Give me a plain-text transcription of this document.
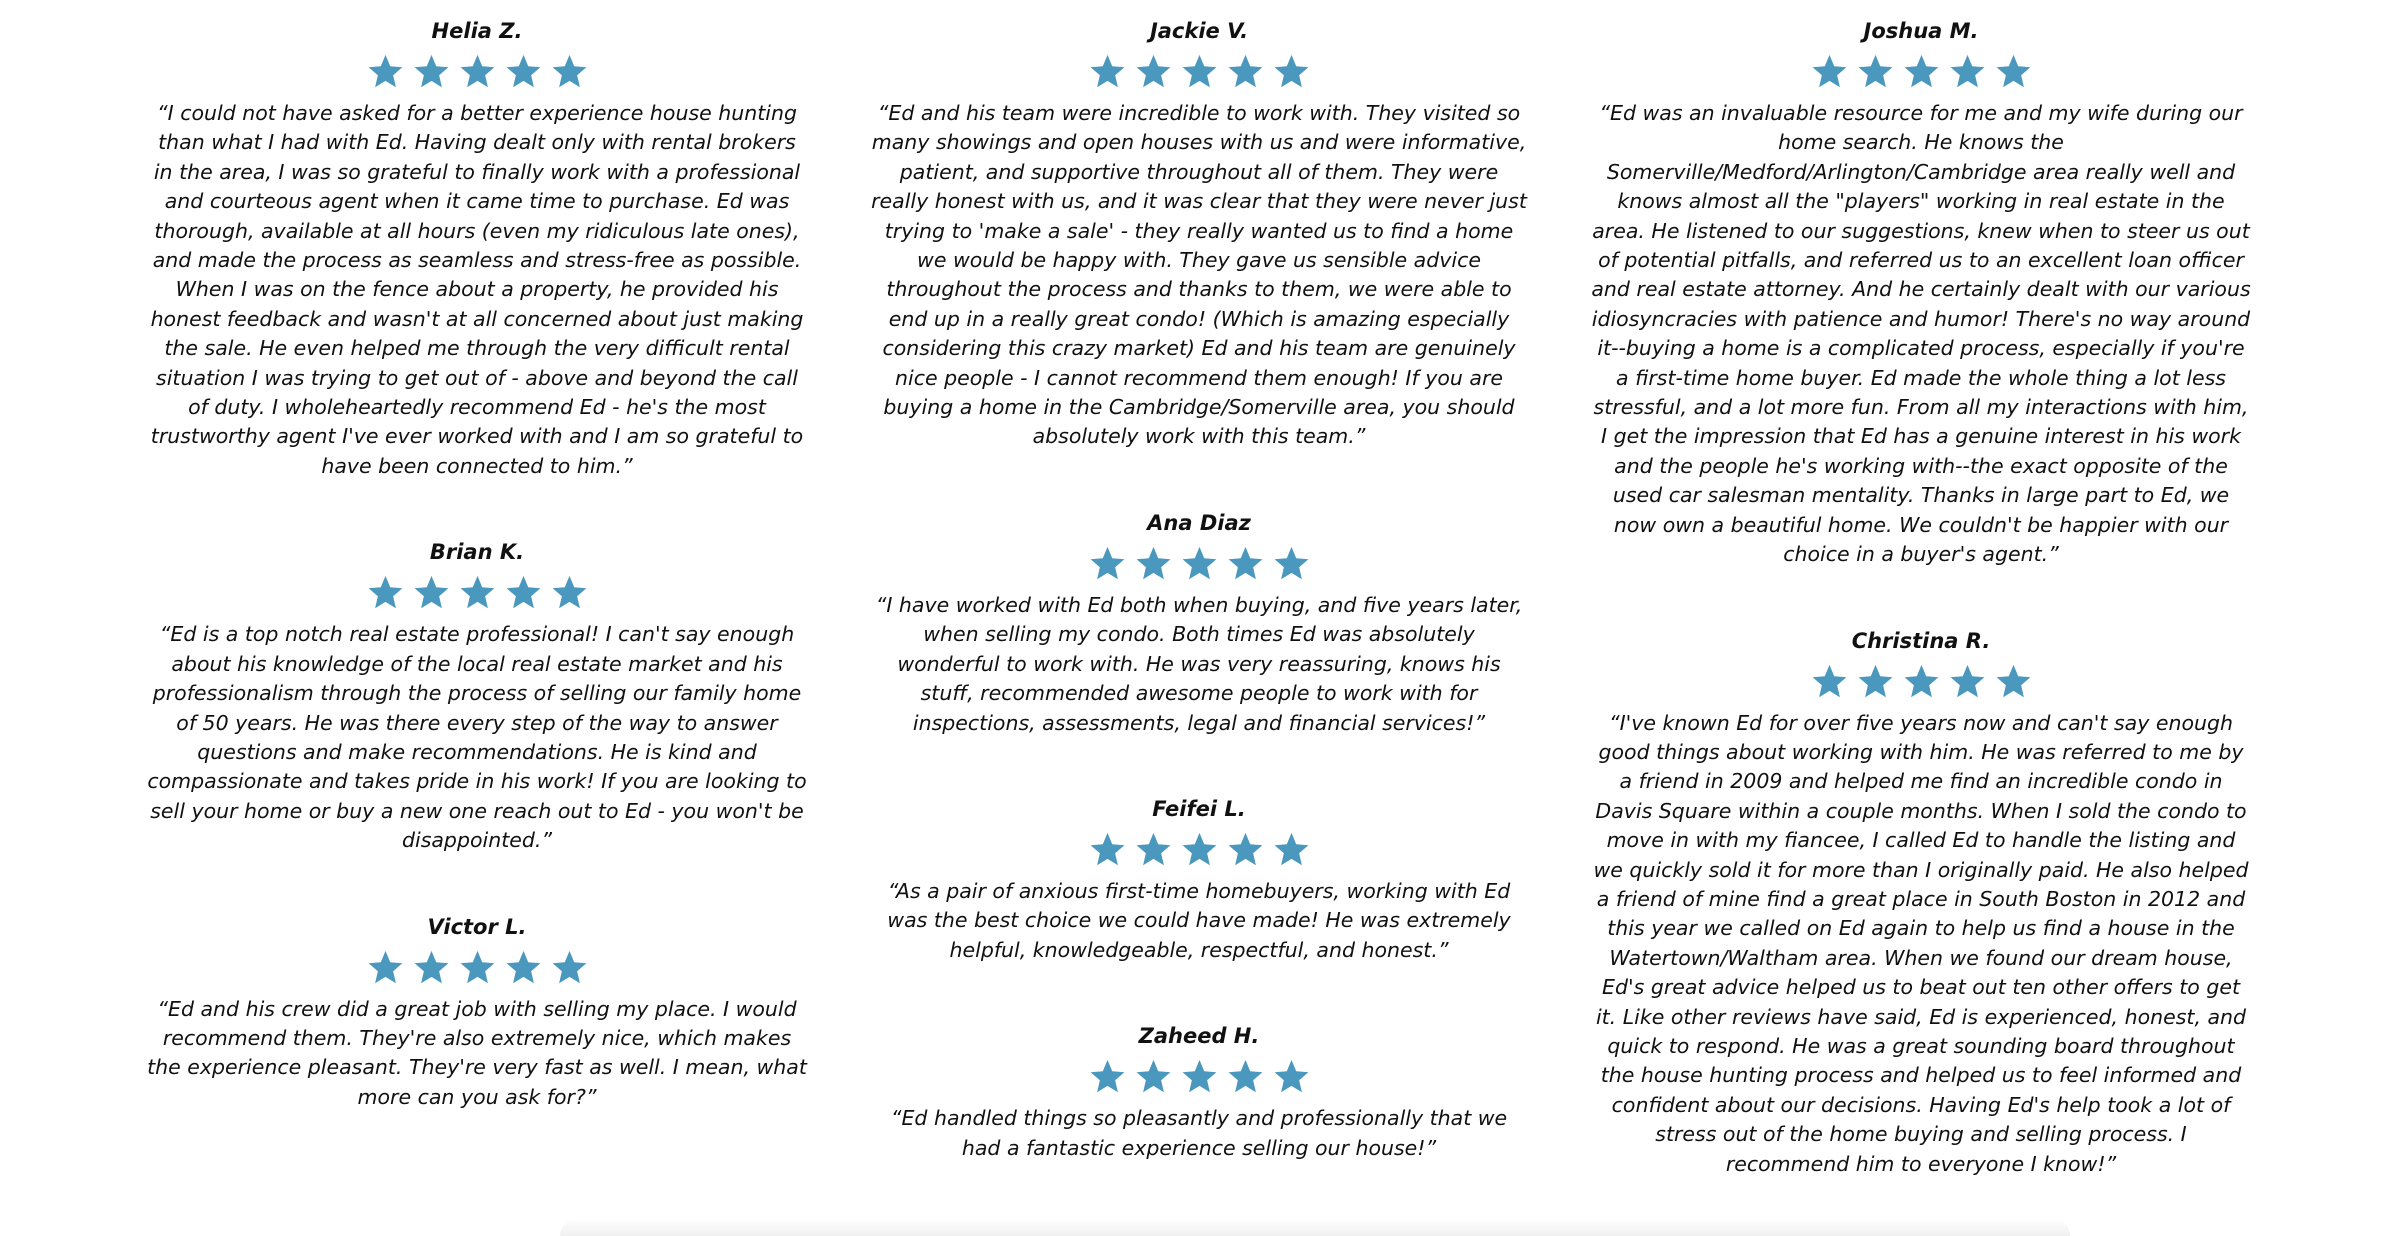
Helia Z.

“I could not have asked for a better experience house hunting than what I had with Ed. Having dealt only with rental brokers in the area, I was so grateful to finally work with a professional and courteous agent when it came time to purchase. Ed was thorough, available at all hours (even my ridiculous late ones), and made the process as seamless and stress-free as possible. When I was on the fence about a property, he provided his honest feedback and wasn't at all concerned about just making the sale. He even helped me through the very difficult rental situation I was trying to get out of - above and beyond the call of duty. I wholeheartedly recommend Ed - he's the most trustworthy agent I've ever worked with and I am so grateful to have been connected to him.”

Brian K.

“Ed is a top notch real estate professional! I can't say enough about his knowledge of the local real estate market and his professionalism through the process of selling our family home of 50 years. He was there every step of the way to answer questions and make recommendations. He is kind and compassionate and takes pride in his work! If you are looking to sell your home or buy a new one reach out to Ed - you won't be disappointed.”

Victor L.

“Ed and his crew did a great job with selling my place. I would recommend them. They're also extremely nice, which makes the experience pleasant. They're very fast as well. I mean, what more can you ask for?”

Jackie V.

“Ed and his team were incredible to work with. They visited so many showings and open houses with us and were informative, patient, and supportive throughout all of them. They were really honest with us, and it was clear that they were never just trying to 'make a sale' - they really wanted us to find a home we would be happy with. They gave us sensible advice throughout the process and thanks to them, we were able to end up in a really great condo! (Which is amazing especially considering this crazy market) Ed and his team are genuinely nice people - I cannot recommend them enough! If you are buying a home in the Cambridge/Somerville area, you should absolutely work with this team.”

Ana Diaz

“I have worked with Ed both when buying, and five years later, when selling my condo. Both times Ed was absolutely wonderful to work with. He was very reassuring, knows his stuff, recommended awesome people to work with for inspections, assessments, legal and financial services!”

Feifei L.

“As a pair of anxious first-time homebuyers, working with Ed was the best choice we could have made! He was extremely helpful, knowledgeable, respectful, and honest.”

Zaheed H.

“Ed handled things so pleasantly and professionally that we had a fantastic experience selling our house!”

Joshua M.

“Ed was an invaluable resource for me and my wife during our home search. He knows the Somerville/Medford/Arlington/Cambridge area really well and knows almost all the "players" working in real estate in the area. He listened to our suggestions, knew when to steer us out of potential pitfalls, and referred us to an excellent loan officer and real estate attorney. And he certainly dealt with our various idiosyncracies with patience and humor! There's no way around it--buying a home is a complicated process, especially if you're a first-time home buyer. Ed made the whole thing a lot less stressful, and a lot more fun. From all my interactions with him, I get the impression that Ed has a genuine interest in his work and the people he's working with--the exact opposite of the used car salesman mentality. Thanks in large part to Ed, we now own a beautiful home. We couldn't be happier with our choice in a buyer's agent.”

Christina R.

“I've known Ed for over five years now and can't say enough good things about working with him. He was referred to me by a friend in 2009 and helped me find an incredible condo in Davis Square within a couple months. When I sold the condo to move in with my fiancee, I called Ed to handle the listing and we quickly sold it for more than I originally paid. He also helped a friend of mine find a great place in South Boston in 2012 and this year we called on Ed again to help us find a house in the Watertown/Waltham area. When we found our dream house, Ed's great advice helped us to beat out ten other offers to get it. Like other reviews have said, Ed is experienced, honest, and quick to respond. He was a great sounding board throughout the house hunting process and helped us to feel informed and confident about our decisions. Having Ed's help took a lot of stress out of the home buying and selling process. I recommend him to everyone I know!”
